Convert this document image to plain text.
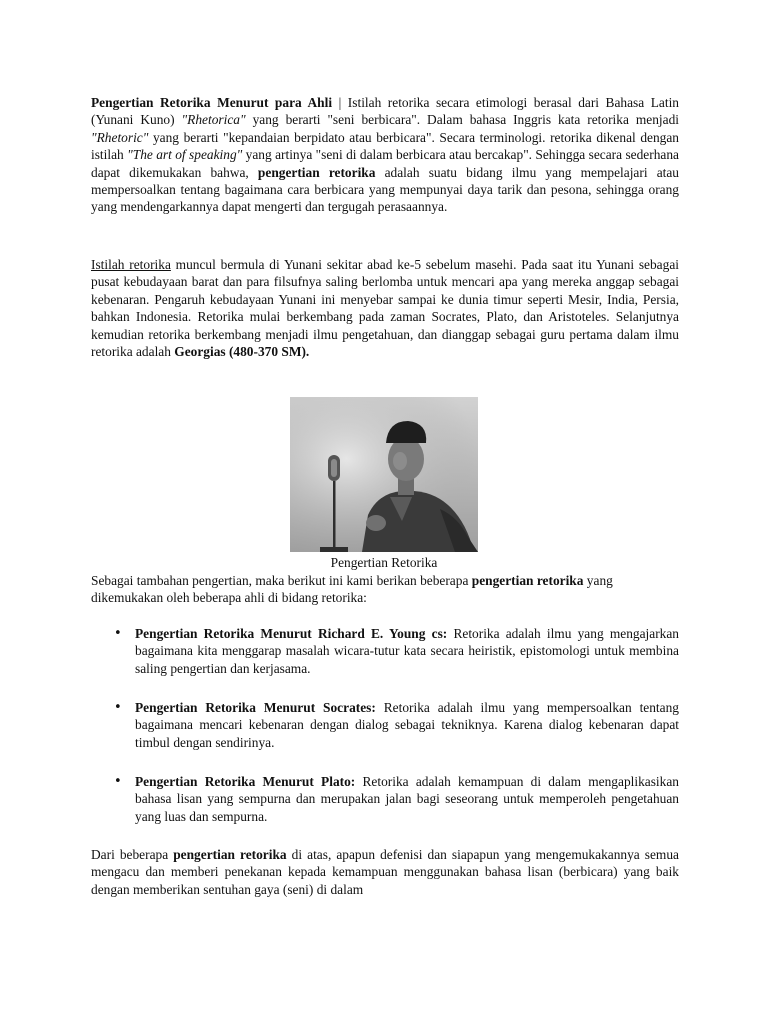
Pengertian Retorika Menurut para Ahli | Istilah retorika secara etimologi berasal dari Bahasa Latin (Yunani Kuno) "Rhetorica" yang berarti "seni berbicara". Dalam bahasa Inggris kata retorika menjadi "Rhetoric" yang berarti "kepandaian berpidato atau berbicara". Secara terminologi. retorika dikenal dengan istilah "The art of speaking" yang artinya "seni di dalam berbicara atau bercakap". Sehingga secara sederhana dapat dikemukakan bahwa, pengertian retorika adalah suatu bidang ilmu yang mempelajari atau mempersoalkan tentang bagaimana cara berbicara yang mempunyai daya tarik dan pesona, sehingga orang yang mendengarkannya dapat mengerti dan tergugah perasaannya.

Istilah retorika muncul bermula di Yunani sekitar abad ke-5 sebelum masehi. Pada saat itu Yunani sebagai pusat kebudayaan barat dan para filsufnya saling berlomba untuk mencari apa yang mereka anggap sebagai kebenaran. Pengaruh kebudayaan Yunani ini menyebar sampai ke dunia timur seperti Mesir, India, Persia, bahkan Indonesia. Retorika mulai berkembang pada zaman Socrates, Plato, dan Aristoteles. Selanjutnya kemudian retorika berkembang menjadi ilmu pengetahuan, dan dianggap sebagai guru pertama dalam ilmu retorika adalah Georgias (480-370 SM).

Pengertian Retorika

Sebagai tambahan pengertian, maka berikut ini kami berikan beberapa pengertian retorika yang dikemukakan oleh beberapa ahli di bidang retorika:

• Pengertian Retorika Menurut Richard E. Young cs: Retorika adalah ilmu yang mengajarkan bagaimana kita menggarap masalah wicara-tutur kata secara heiristik, epistomologi untuk membina saling pengertian dan kerjasama.
• Pengertian Retorika Menurut Socrates: Retorika adalah ilmu yang mempersoalkan tentang bagaimana mencari kebenaran dengan dialog sebagai tekniknya. Karena dialog kebenaran dapat timbul dengan sendirinya.
• Pengertian Retorika Menurut Plato: Retorika adalah kemampuan di dalam mengaplikasikan bahasa lisan yang sempurna dan merupakan jalan bagi seseorang untuk memperoleh pengetahuan yang luas dan sempurna.

Dari beberapa pengertian retorika di atas, apapun defenisi dan siapapun yang mengemukakannya semua mengacu dan memberi penekanan kepada kemampuan menggunakan bahasa lisan (berbicara) yang baik dengan memberikan sentuhan gaya (seni) di dalam
